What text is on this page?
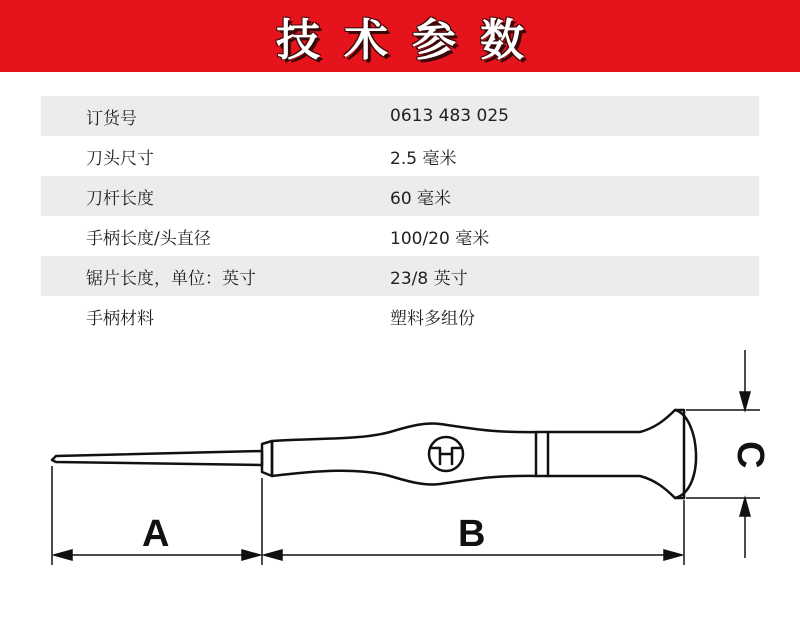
技术参数
订货号	0613 483 025
刀头尺寸	2.5 毫米
刀杆长度	60 毫米
手柄长度/头直径	100/20 毫米
锯片长度，单位：英寸	23/8 英寸
手柄材料	塑料多组份
A	B
C
